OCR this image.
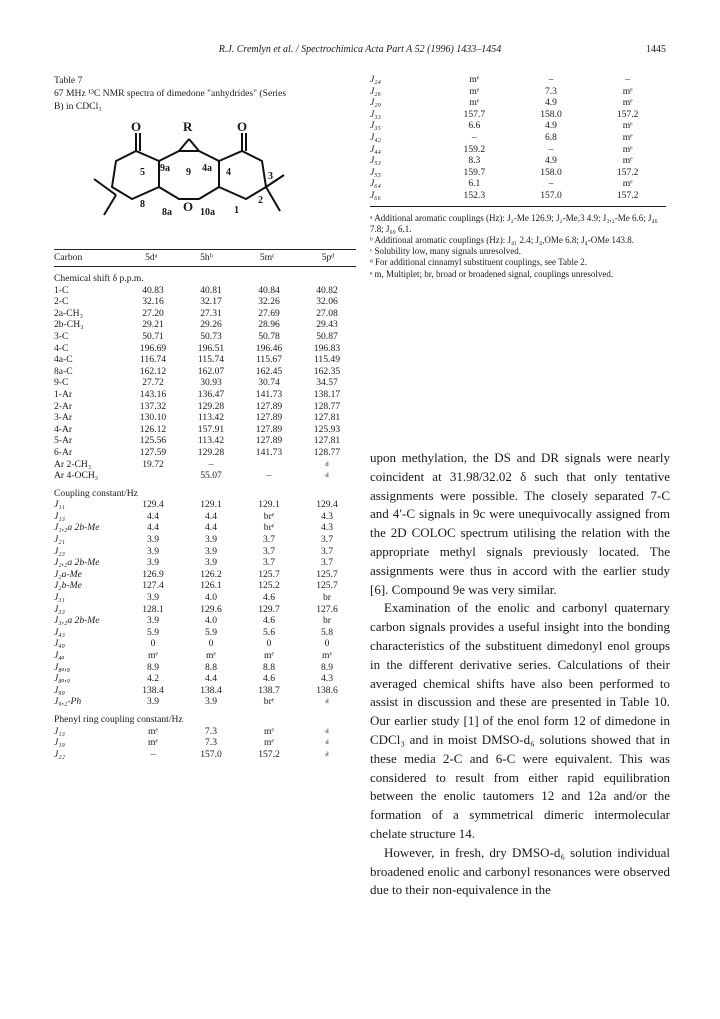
R.J. Cremlyn et al. / Spectrochimica Acta Part A 52 (1996) 1433–1454	1445
Table 7
67 MHz ¹³C NMR spectra of dimedone "anhydrides" (Series
B) in CDCl₃
R
O	O
9a 9 4a
5	4	3
8
8a O 10a
2
1
Carbon	5dᵃ	5hᵇ	5mᶜ	5pᵈ
Chemical shift δ p.p.m.				
1-C	40.83	40.81	40.84	40.82
2-C	32.16	32.17	32.26	32.06
2a-CH₃	27.20	27.31	27.69	27.08
2b-CH₃	29.21	29.26	28.96	29.43
3-C	50.71	50.73	50.78	50.87
4-C	196.69	196.51	196.46	196.83
4a-C	116.74	115.74	115.67	115.49
8a-C	162.12	162.07	162.45	162.35
9-C	27.72	30.93	30.74	34.57
1-Ar	143.16	136.47	141.73	138.17
2-Ar	137.32	129.28	127.89	128.77
3-Ar	130.10	113.42	127.89	127.81
4-Ar	126.12	157.91	127.89	125.93
5-Ar	125.56	113.42	127.89	127.81
6-Ar	127.59	129.28	141.73	128.77
Ar 2-CH₃	19.72	–		d
Ar 4-OCH₃		55.07	–	d
Coupling constant/Hz				
J₁₁	129.4	129.1	129.1	129.4
J₁₃	4.4	4.4	brᵉ	4.3
J₁,₂a 2b-Me	4.4	4.4	brᵉ	4.3
J₂₁	3.9	3.9	3.7	3.7
J₂₃	3.9	3.9	3.7	3.7
J₂,₂a 2b-Me	3.9	3.9	3.7	3.7
J₂a-Me	126.9	126.2	125.7	125.7
J₂b-Me	127.4	126.1	125.2	125.7
J₃₁	3.9	4.0	4.6	br
J₃₃	128.1	129.6	129.7	127.6
J₃,₂a 2b-Me	3.9	4.0	4.6	br
J₄₃	5.9	5.9	5.6	5.8
J₄₉	0	0	0	0
J₄ₐ	mᵉ	mᵉ	mᵉ	mᵉ
J₈ₐ,₈	8.9	8.8	8.8	8.9
J₈ₐ,₉	4.2	4.4	4.6	4.3
J₉₉	138.4	138.4	138.7	138.6
J₉,₂-Ph	3.9	3.9	brᵉ	d
Phenyl ring coupling constant/Hz				
J₁₃	mᵉ	7.3	mᵉ	d
J₁₉	mᵉ	7.3	mᵉ	d
J₂₂	–	157.0	157.2	d
J₂₄	mᵉ	–	–
J₂₆	mᵉ	7.3	mᵉ
J₂₉	mᵉ	4.9	mᵉ
J₃₃	157.7	158.0	157.2
J₃₅	6.6	4.9	mᵉ
J₄₂	–	6.8	mᵉ
J₄₄	159.2	–	mᵉ
J₅₃	8.3	4.9	mᵉ
J₅₅	159.7	158.0	157.2
J₆₄	6.1	–	mᵉ
J₆₆	152.3	157.0	157.2
ᵃ Additional aromatic couplings (Hz): J₂-Me 126.9; J₂-Me,3 4.9; J₃,₂-Me 6.6; J₄₆ 7.8; J₆₉ 6.1.
ᵇ Additional aromatic couplings (Hz): J₄₁ 2.4; J₄,OMe 6.8; J₄-OMe 143.8.
ᶜ Solubility low, many signals unresolved.
ᵈ For additional cinnamyl substituent couplings, see Table 2.
ᵉ m, Multiplet; br, broad or broadened signal, couplings unresolved.

upon methylation, the DS and DR signals were nearly coincident at 31.98/32.02 δ such that only tentative assignments were possible. The closely separated 7-C and 4′-C signals in 9c were unequivocally assigned from the 2D COLOC spectrum utilising the relation with the appropriate methyl signals previously located. The assignments were thus in accord with the earlier study [6]. Compound 9e was very similar.

Examination of the enolic and carbonyl quaternary carbon signals provides a useful insight into the bonding characteristics of the substituent dimedonyl enol groups in the different derivative series. Calculations of their averaged chemical shifts have also been performed to assist in discussion and these are presented in Table 10. Our earlier study [1] of the enol form 12 of dimedone in CDCl₃ and in moist DMSO-d₆ solutions showed that in these media 2-C and 6-C were equivalent. This was considered to result from either rapid equilibration between the enolic tautomers 12 and 12a and/or the formation of a symmetrical dimeric intermolecular chelate structure 14.

However, in fresh, dry DMSO-d₆ solution individual broadened enolic and carbonyl resonances were observed due to their non-equivalence in the
